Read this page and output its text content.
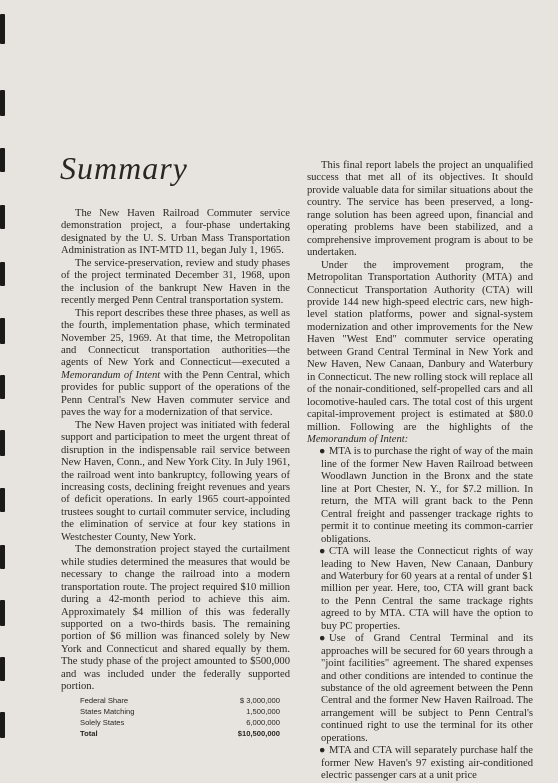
Summary

The New Haven Railroad Commuter service demonstration project, a four-phase undertaking designated by the U. S. Urban Mass Transportation Administration as INT-MTD 11, began July 1, 1965.

The service-preservation, review and study phases of the project terminated December 31, 1968, upon the inclusion of the bankrupt New Haven in the recently merged Penn Central transportation system.

This report describes these three phases, as well as the fourth, implementation phase, which terminated November 25, 1969. At that time, the Metropolitan and Connecticut transportation authorities—the agents of New York and Connecticut—executed a Memorandum of Intent with the Penn Central, which provides for public support of the operations of the Penn Central's New Haven commuter service and paves the way for a modernization of that service.

The New Haven project was initiated with federal support and participation to meet the urgent threat of disruption in the indispensable rail service between New Haven, Conn., and New York City. In July 1961, the railroad went into bankruptcy, following years of increasing costs, declining freight revenues and years of deficit operations. In early 1965 court-appointed trustees sought to curtail commuter service, including the elimination of service at four key stations in Westchester County, New York.

The demonstration project stayed the curtailment while studies determined the measures that would be necessary to change the railroad into a modern transportation route. The project required $10 million during a 42-month period to achieve this aim. Approximately $4 million of this was federally supported on a two-thirds basis. The remaining portion of $6 million was financed solely by New York and Connecticut and shared equally by them. The study phase of the project amounted to $500,000 and was included under the federally supported portion.

Federal Share	$ 3,000,000
States Matching	1,500,000
Solely States	6,000,000
Total	$10,500,000

This final report labels the project an unqualified success that met all of its objectives. It should provide valuable data for similar situations about the country. The service has been preserved, a long-range solution has been agreed upon, financial and operating problems have been stabilized, and a comprehensive improvement program is about to be undertaken.

Under the improvement program, the Metropolitan Transportation Authority (MTA) and Connecticut Transportation Authority (CTA) will provide 144 new high-speed electric cars, new high-level station platforms, power and signal-system modernization and other improvements for the New Haven "West End" commuter service operating between Grand Central Terminal in New York and New Haven, New Canaan, Danbury and Waterbury in Connecticut. The new rolling stock will replace all of the nonair-conditioned, self-propelled cars and all locomotive-hauled cars. The total cost of this urgent capital-improvement project is estimated at $80.0 million. Following are the highlights of the Memorandum of Intent:

● MTA is to purchase the right of way of the main line of the former New Haven Railroad between Woodlawn Junction in the Bronx and the state line at Port Chester, N. Y., for $7.2 million. In return, the MTA will grant back to the Penn Central freight and passenger trackage rights to permit it to continue meeting its common-carrier obligations.

● CTA will lease the Connecticut rights of way leading to New Haven, New Canaan, Danbury and Waterbury for 60 years at a rental of under $1 million per year. Here, too, CTA will grant back to the Penn Central the same trackage rights agreed to by MTA. CTA will have the option to buy PC properties.

● Use of Grand Central Terminal and its approaches will be secured for 60 years through a "joint facilities" agreement. The shared expenses and other conditions are intended to continue the substance of the old agreement between the Penn Central and the former New Haven Railroad. The arrangement will be subject to Penn Central's continued right to use the terminal for its other operations.

● MTA and CTA will separately purchase half the former New Haven's 97 existing air-conditioned electric passenger cars at a unit price
